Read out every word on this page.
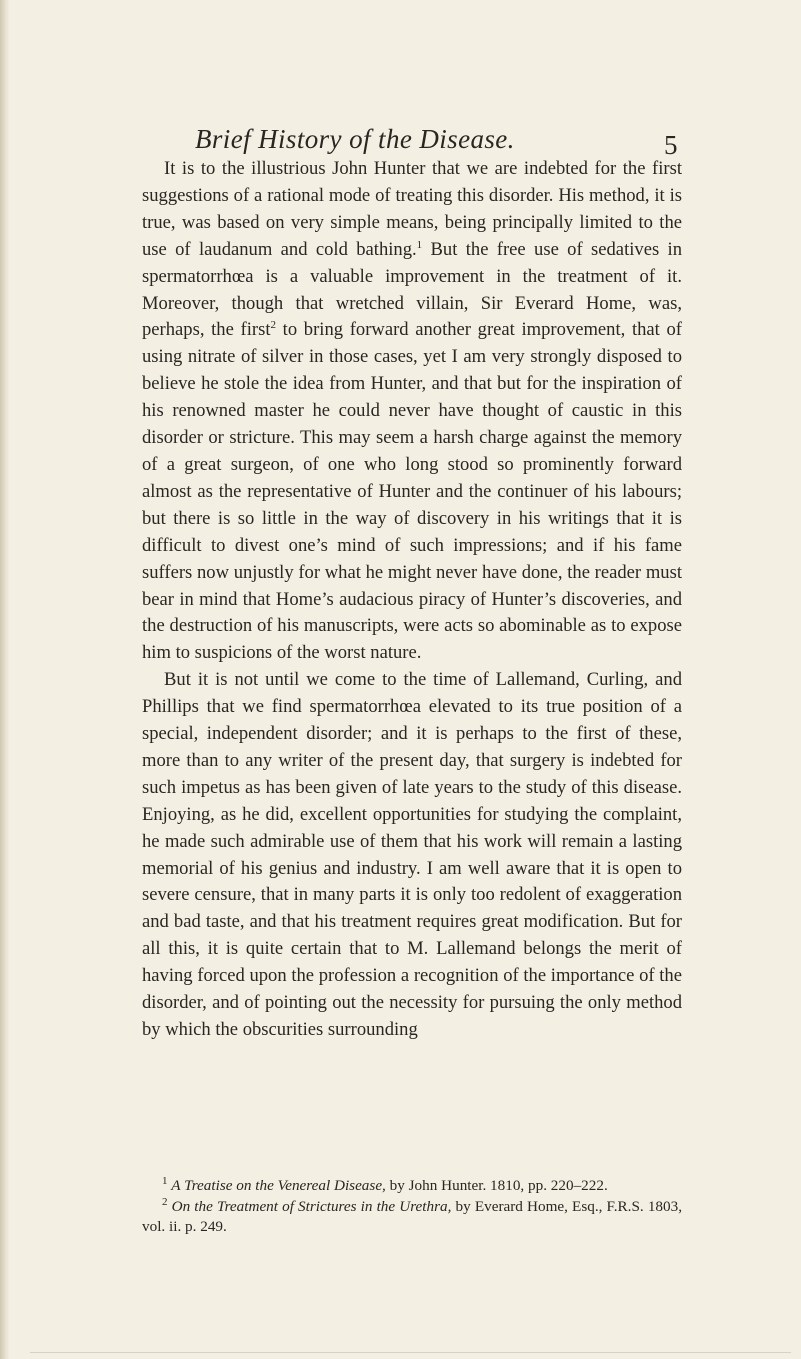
Brief History of the Disease.	5

It is to the illustrious John Hunter that we are indebted for the first suggestions of a rational mode of treating this disorder. His method, it is true, was based on very simple means, being principally limited to the use of laudanum and cold bathing.$^1$ But the free use of sedatives in spermatorrhœa is a valuable improvement in the treatment of it. Moreover, though that wretched villain, Sir Everard Home, was, perhaps, the first$^2$ to bring forward another great improvement, that of using nitrate of silver in those cases, yet I am very strongly disposed to believe he stole the idea from Hunter, and that but for the inspiration of his renowned master he could never have thought of caustic in this disorder or stricture. This may seem a harsh charge against the memory of a great surgeon, of one who long stood so prominently forward almost as the representative of Hunter and the continuer of his labours; but there is so little in the way of discovery in his writings that it is difficult to divest one’s mind of such impressions; and if his fame suffers now unjustly for what he might never have done, the reader must bear in mind that Home’s audacious piracy of Hunter’s discoveries, and the destruction of his manuscripts, were acts so abominable as to expose him to suspicions of the worst nature.

But it is not until we come to the time of Lallemand, Curling, and Phillips that we find spermatorrhœa elevated to its true position of a special, independent disorder; and it is perhaps to the first of these, more than to any writer of the present day, that surgery is indebted for such impetus as has been given of late years to the study of this disease. Enjoying, as he did, excellent opportunities for studying the complaint, he made such admirable use of them that his work will remain a lasting memorial of his genius and industry. I am well aware that it is open to severe censure, that in many parts it is only too redolent of exaggeration and bad taste, and that his treatment requires great modification. But for all this, it is quite certain that to M. Lallemand belongs the merit of having forced upon the profession a recognition of the importance of the disorder, and of pointing out the necessity for pursuing the only method by which the obscurities surrounding

$^1$ A Treatise on the Venereal Disease, by John Hunter. 1810, pp. 220–222.

$^2$ On the Treatment of Strictures in the Urethra, by Everard Home, Esq., F.R.S. 1803, vol. ii. p. 249.
